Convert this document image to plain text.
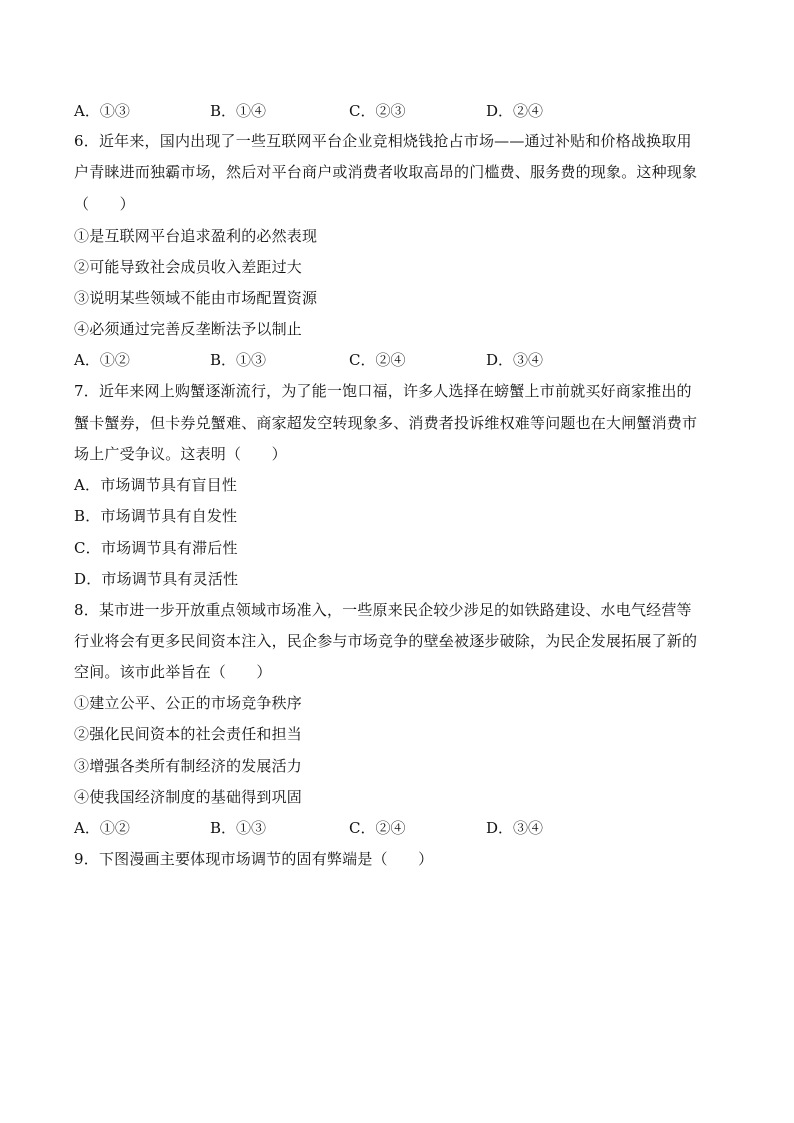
A．①③	B．①④	C．②③	D．②④
6．近年来，国内出现了一些互联网平台企业竞相烧钱抢占市场——通过补贴和价格战换取用
户青睐进而独霸市场，然后对平台商户或消费者收取高昂的门槛费、服务费的现象。这种现象
（　　）
①是互联网平台追求盈利的必然表现
②可能导致社会成员收入差距过大
③说明某些领域不能由市场配置资源
④必须通过完善反垄断法予以制止
A．①②	B．①③	C．②④	D．③④
7．近年来网上购蟹逐渐流行，为了能一饱口福，许多人选择在螃蟹上市前就买好商家推出的
蟹卡蟹券，但卡券兑蟹难、商家超发空转现象多、消费者投诉维权难等问题也在大闸蟹消费市
场上广受争议。这表明（　　）
A．市场调节具有盲目性
B．市场调节具有自发性
C．市场调节具有滞后性
D．市场调节具有灵活性
8．某市进一步开放重点领域市场准入，一些原来民企较少涉足的如铁路建设、水电气经营等
行业将会有更多民间资本注入，民企参与市场竞争的壁垒被逐步破除，为民企发展拓展了新的
空间。该市此举旨在（　　）
①建立公平、公正的市场竞争秩序
②强化民间资本的社会责任和担当
③增强各类所有制经济的发展活力
④使我国经济制度的基础得到巩固
A．①②	B．①③	C．②④	D．③④
9．下图漫画主要体现市场调节的固有弊端是（　　）
